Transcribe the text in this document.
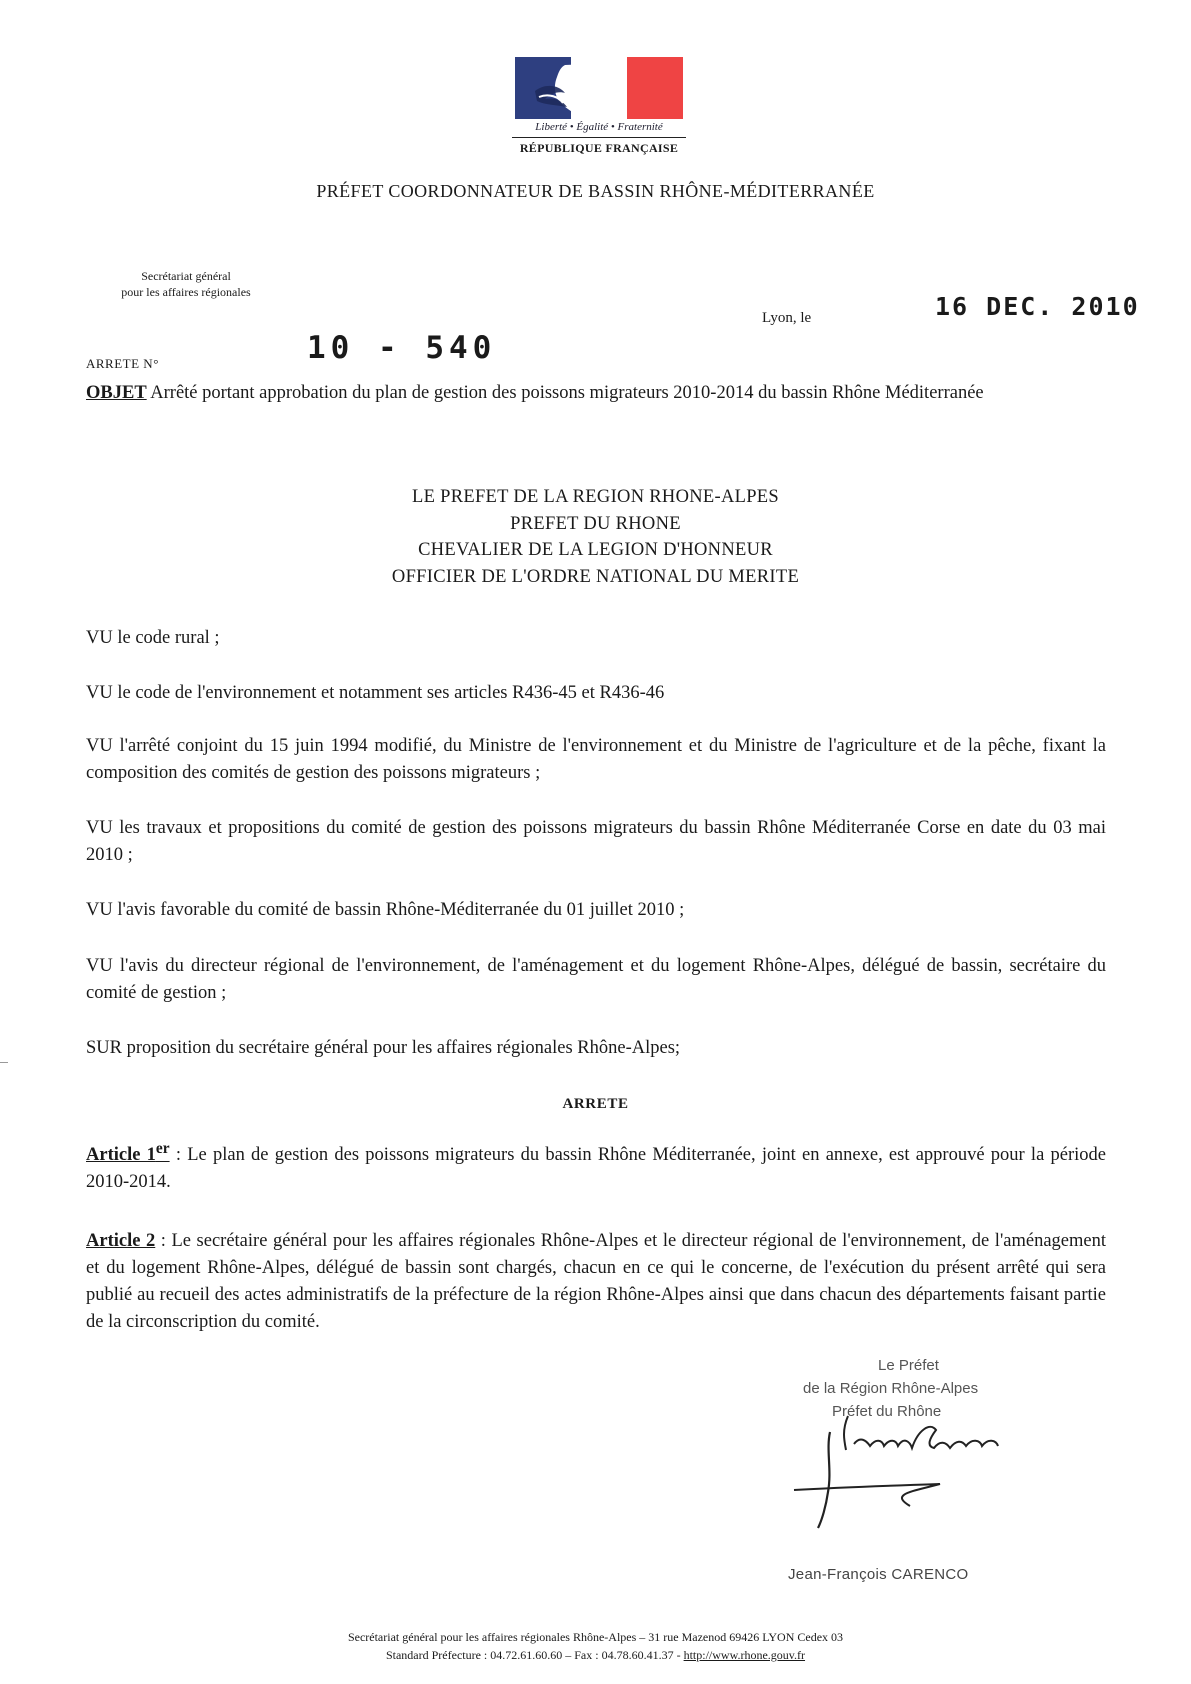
Liberté • Égalité • Fraternité
RÉPUBLIQUE FRANÇAISE
PRÉFET COORDONNATEUR DE BASSIN RHÔNE-MÉDITERRANÉE
Secrétariat général
pour les affaires régionales
Lyon, le	16 DEC. 2010
ARRETE N°	10 - 540
OBJET Arrêté portant approbation du plan de gestion des poissons migrateurs 2010-2014 du bassin Rhône Méditerranée
LE PREFET DE LA REGION RHONE-ALPES
PREFET DU RHONE
CHEVALIER DE LA LEGION D'HONNEUR
OFFICIER DE L'ORDRE NATIONAL DU MERITE
VU le code rural ;
VU le code de l'environnement et notamment ses articles R436-45 et R436-46
VU l'arrêté conjoint du 15 juin 1994 modifié, du Ministre de l'environnement et du Ministre de l'agriculture et de la pêche, fixant la composition des comités de gestion des poissons migrateurs ;
VU les travaux et propositions du comité de gestion des poissons migrateurs du bassin Rhône Méditerranée Corse en date du 03 mai 2010 ;
VU l'avis favorable du comité de bassin Rhône-Méditerranée du 01 juillet 2010 ;
VU l'avis du directeur régional de l'environnement, de l'aménagement et du logement Rhône-Alpes, délégué de bassin, secrétaire du comité de gestion ;
SUR proposition du secrétaire général pour les affaires régionales Rhône-Alpes;
ARRETE
Article 1er : Le plan de gestion des poissons migrateurs du bassin Rhône Méditerranée, joint en annexe, est approuvé pour la période 2010-2014.
Article 2 : Le secrétaire général pour les affaires régionales Rhône-Alpes et le directeur régional de l'environnement, de l'aménagement et du logement Rhône-Alpes, délégué de bassin sont chargés, chacun en ce qui le concerne, de l'exécution du présent arrêté qui sera publié au recueil des actes administratifs de la préfecture de la région Rhône-Alpes ainsi que dans chacun des départements faisant partie de la circonscription du comité.
Le Préfet
de la Région Rhône-Alpes
Préfet du Rhône
Jean-François CARENCO
Secrétariat général pour les affaires régionales Rhône-Alpes – 31 rue Mazenod 69426 LYON Cedex 03
Standard Préfecture : 04.72.61.60.60 – Fax : 04.78.60.41.37 - http://www.rhone.gouv.fr
